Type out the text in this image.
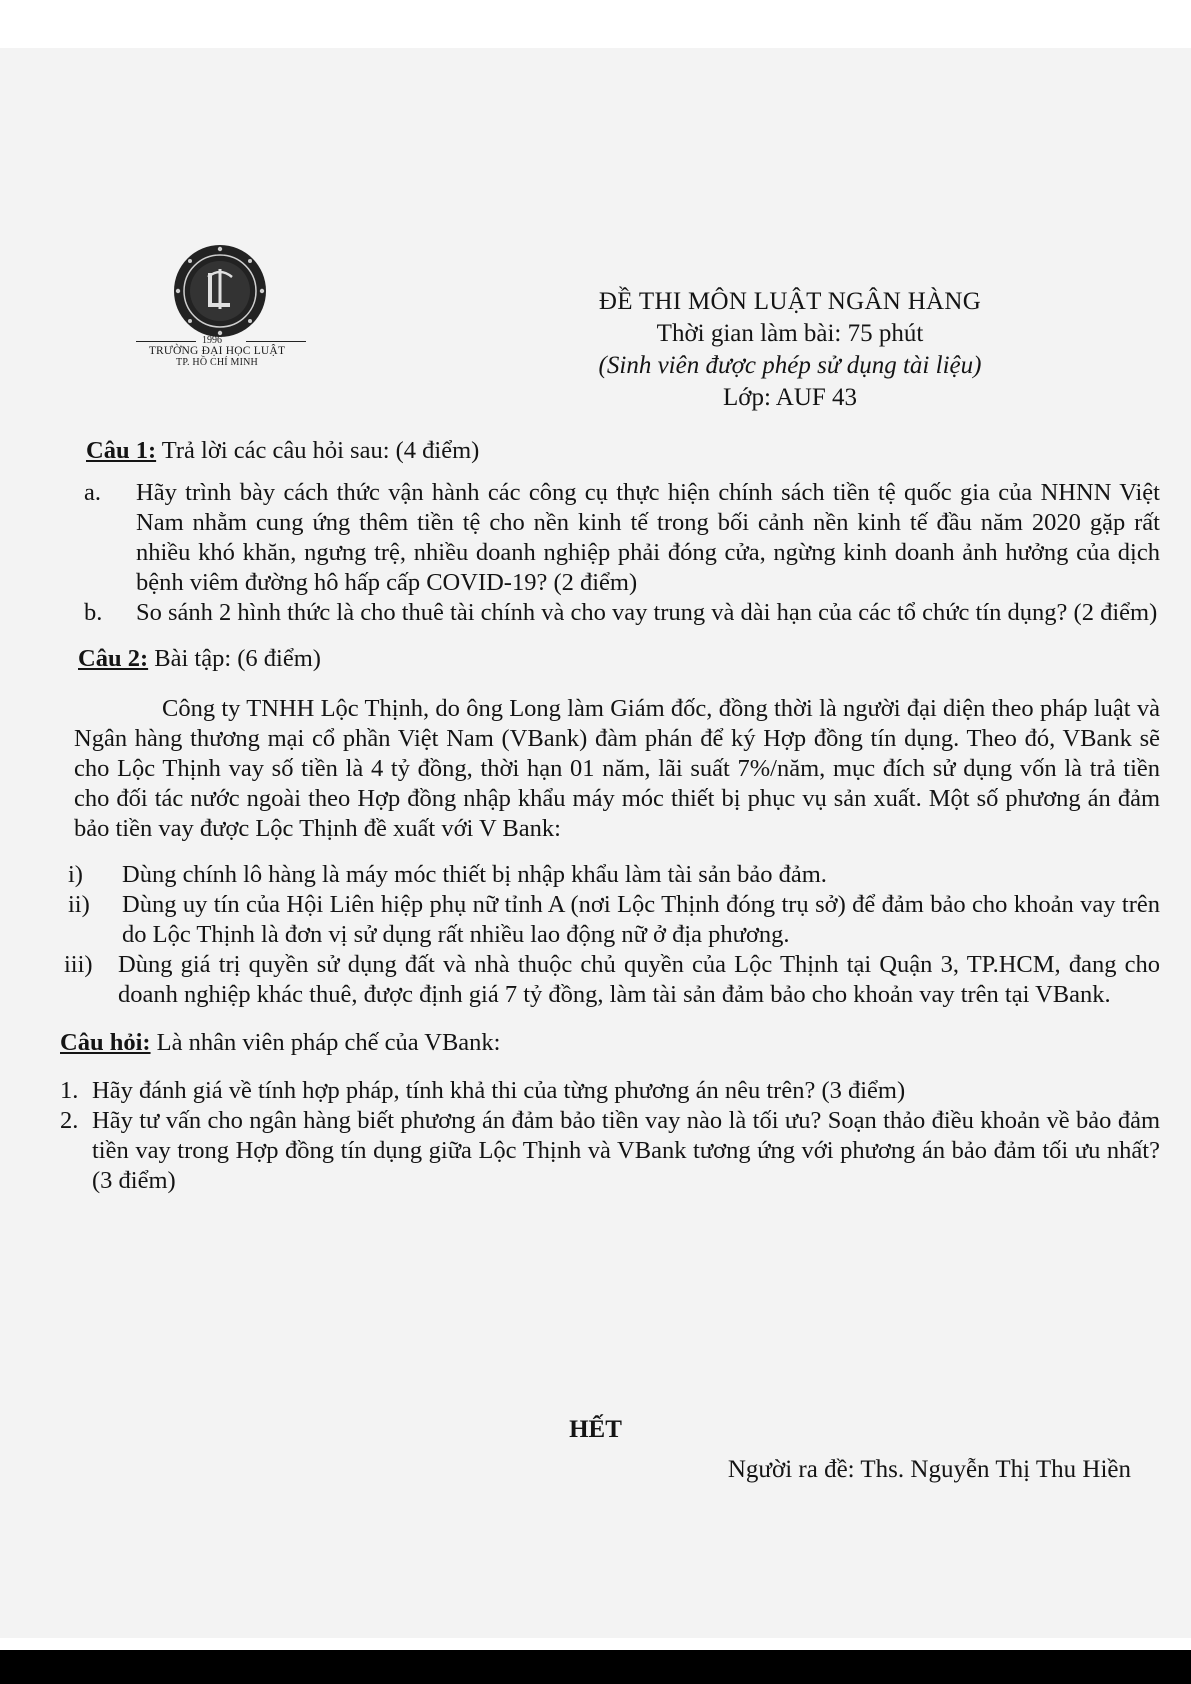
1996
TRƯỜNG ĐẠI HỌC LUẬT
TP. HỒ CHÍ MINH
ĐỀ THI MÔN LUẬT NGÂN HÀNG
Thời gian làm bài: 75 phút
(Sinh viên được phép sử dụng tài liệu)
Lớp: AUF 43
Câu 1: Trả lời các câu hỏi sau: (4 điểm)
a.	Hãy trình bày cách thức vận hành các công cụ thực hiện chính sách tiền tệ quốc gia của NHNN Việt Nam nhằm cung ứng thêm tiền tệ cho nền kinh tế trong bối cảnh nền kinh tế đầu năm 2020 gặp rất nhiều khó khăn, ngưng trệ, nhiều doanh nghiệp phải đóng cửa, ngừng kinh doanh ảnh hưởng của dịch bệnh viêm đường hô hấp cấp COVID-19? (2 điểm)
b.	So sánh 2 hình thức là cho thuê tài chính và cho vay trung và dài hạn của các tổ chức tín dụng? (2 điểm)
Câu 2: Bài tập: (6 điểm)
Công ty TNHH Lộc Thịnh, do ông Long làm Giám đốc, đồng thời là người đại diện theo pháp luật và Ngân hàng thương mại cổ phần Việt Nam (VBank) đàm phán để ký Hợp đồng tín dụng. Theo đó, VBank sẽ cho Lộc Thịnh vay số tiền là 4 tỷ đồng, thời hạn 01 năm, lãi suất 7%/năm, mục đích sử dụng vốn là trả tiền cho đối tác nước ngoài theo Hợp đồng nhập khẩu máy móc thiết bị phục vụ sản xuất. Một số phương án đảm bảo tiền vay được Lộc Thịnh đề xuất với V Bank:
i)	Dùng chính lô hàng là máy móc thiết bị nhập khẩu làm tài sản bảo đảm.
ii)	Dùng uy tín của Hội Liên hiệp phụ nữ tỉnh A (nơi Lộc Thịnh đóng trụ sở) để đảm bảo cho khoản vay trên do Lộc Thịnh là đơn vị sử dụng rất nhiều lao động nữ ở địa phương.
iii)	Dùng giá trị quyền sử dụng đất và nhà thuộc chủ quyền của Lộc Thịnh tại Quận 3, TP.HCM, đang cho doanh nghiệp khác thuê, được định giá 7 tỷ đồng, làm tài sản đảm bảo cho khoản vay trên tại VBank.
Câu hỏi: Là nhân viên pháp chế của VBank:
1. Hãy đánh giá về tính hợp pháp, tính khả thi của từng phương án nêu trên? (3 điểm)
2. Hãy tư vấn cho ngân hàng biết phương án đảm bảo tiền vay nào là tối ưu? Soạn thảo điều khoản về bảo đảm tiền vay trong Hợp đồng tín dụng giữa Lộc Thịnh và VBank tương ứng với phương án bảo đảm tối ưu nhất? (3 điểm)
HẾT
Người ra đề: Ths. Nguyễn Thị Thu Hiền
